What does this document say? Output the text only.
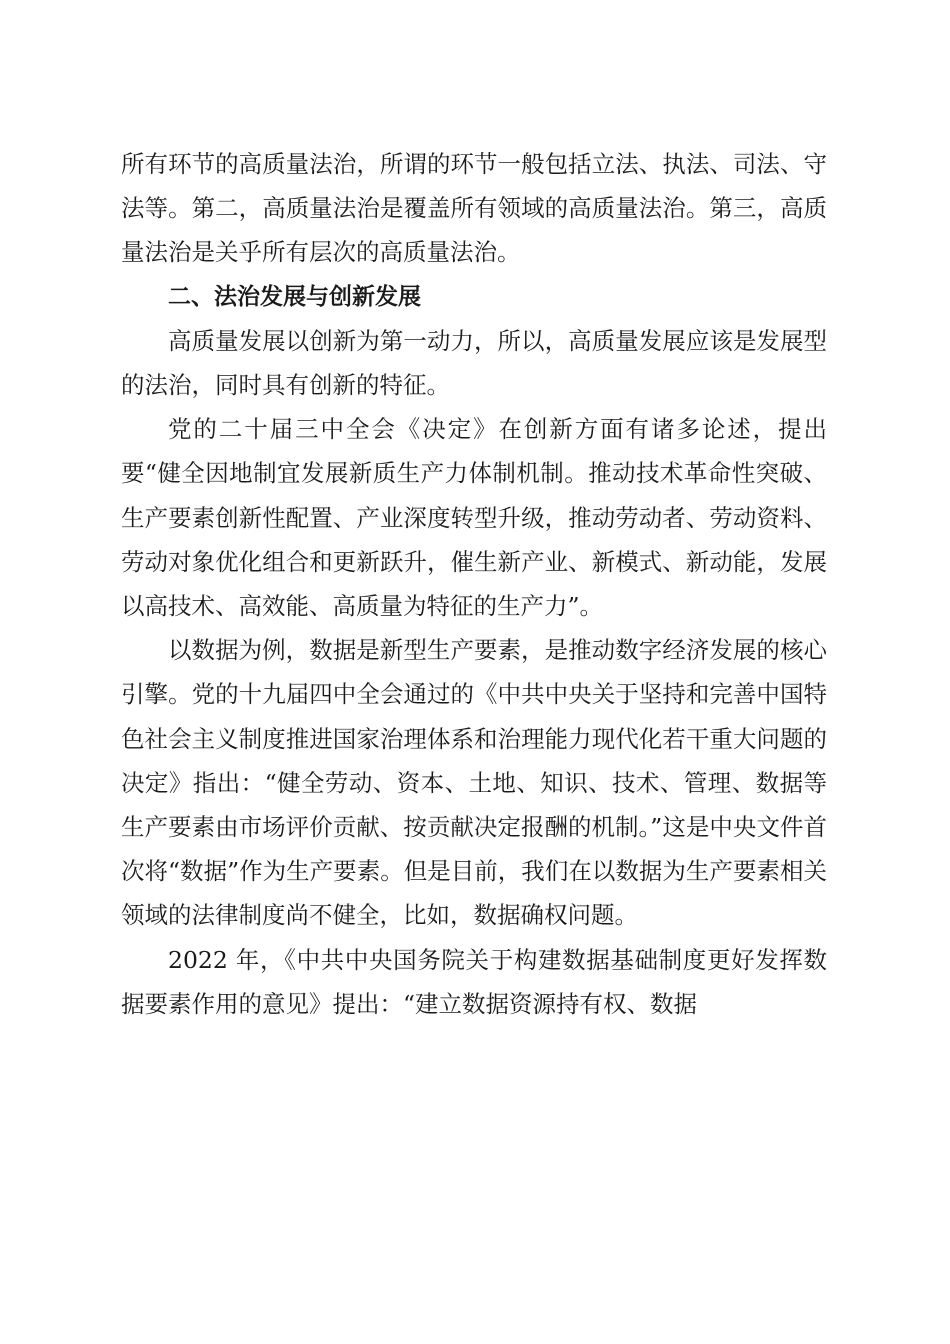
所有环节的高质量法治，所谓的环节一般包括立法、执法、司法、守法等。第二，高质量法治是覆盖所有领域的高质量法治。第三，高质量法治是关乎所有层次的高质量法治。

二、法治发展与创新发展

高质量发展以创新为第一动力，所以，高质量发展应该是发展型的法治，同时具有创新的特征。

党的二十届三中全会《决定》在创新方面有诸多论述，提出要“健全因地制宜发展新质生产力体制机制。推动技术革命性突破、生产要素创新性配置、产业深度转型升级，推动劳动者、劳动资料、劳动对象优化组合和更新跃升，催生新产业、新模式、新动能，发展以高技术、高效能、高质量为特征的生产力”。

以数据为例，数据是新型生产要素，是推动数字经济发展的核心引擎。党的十九届四中全会通过的《中共中央关于坚持和完善中国特色社会主义制度推进国家治理体系和治理能力现代化若干重大问题的决定》指出：“健全劳动、资本、土地、知识、技术、管理、数据等生产要素由市场评价贡献、按贡献决定报酬的机制。”这是中央文件首次将“数据”作为生产要素。但是目前，我们在以数据为生产要素相关领域的法律制度尚不健全，比如，数据确权问题。

2022 年，《中共中央国务院关于构建数据基础制度更好发挥数据要素作用的意见》提出：“建立数据资源持有权、数据
